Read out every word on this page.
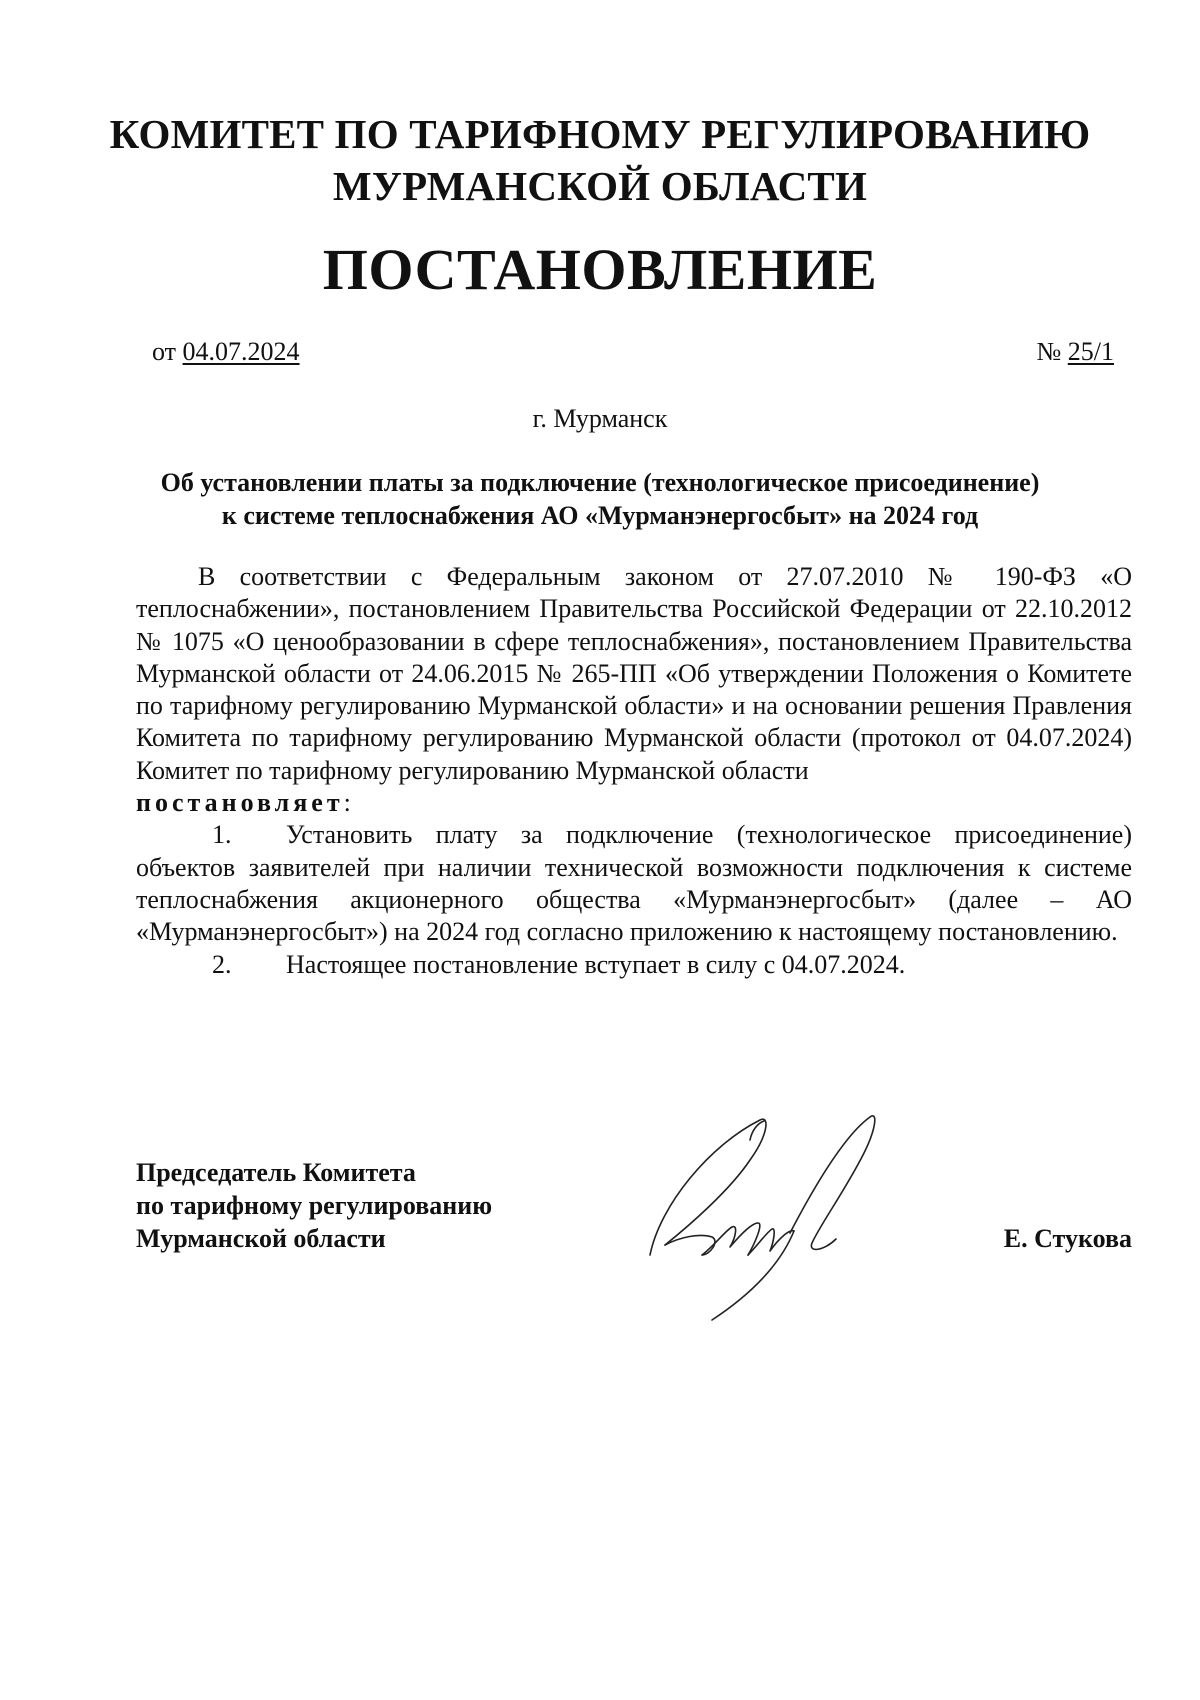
КОМИТЕТ ПО ТАРИФНОМУ РЕГУЛИРОВАНИЮ
МУРМАНСКОЙ ОБЛАСТИ
ПОСТАНОВЛЕНИЕ
от 04.07.2024	№ 25/1
г. Мурманск
Об установлении платы за подключение (технологическое присоединение)
к системе теплоснабжения АО «Мурманэнергосбыт» на 2024 год

В соответствии с Федеральным законом от 27.07.2010 № 190-ФЗ «О теплоснабжении», постановлением Правительства Российской Федерации от 22.10.2012 № 1075 «О ценообразовании в сфере теплоснабжения», постановлением Правительства Мурманской области от 24.06.2015 № 265-ПП «Об утверждении Положения о Комитете по тарифному регулированию Мурманской области» и на основании решения Правления Комитета по тарифному регулированию Мурманской области (протокол от 04.07.2024) Комитет по тарифному регулированию Мурманской области

постановляет:

1. Установить плату за подключение (технологическое присоединение) объектов заявителей при наличии технической возможности подключения к системе теплоснабжения акционерного общества «Мурманэнергосбыт» (далее – АО «Мурманэнергосбыт») на 2024 год согласно приложению к настоящему постановлению.

2. Настоящее постановление вступает в силу с 04.07.2024.

Председатель Комитета
по тарифному регулированию
Мурманской области	Е. Стукова
